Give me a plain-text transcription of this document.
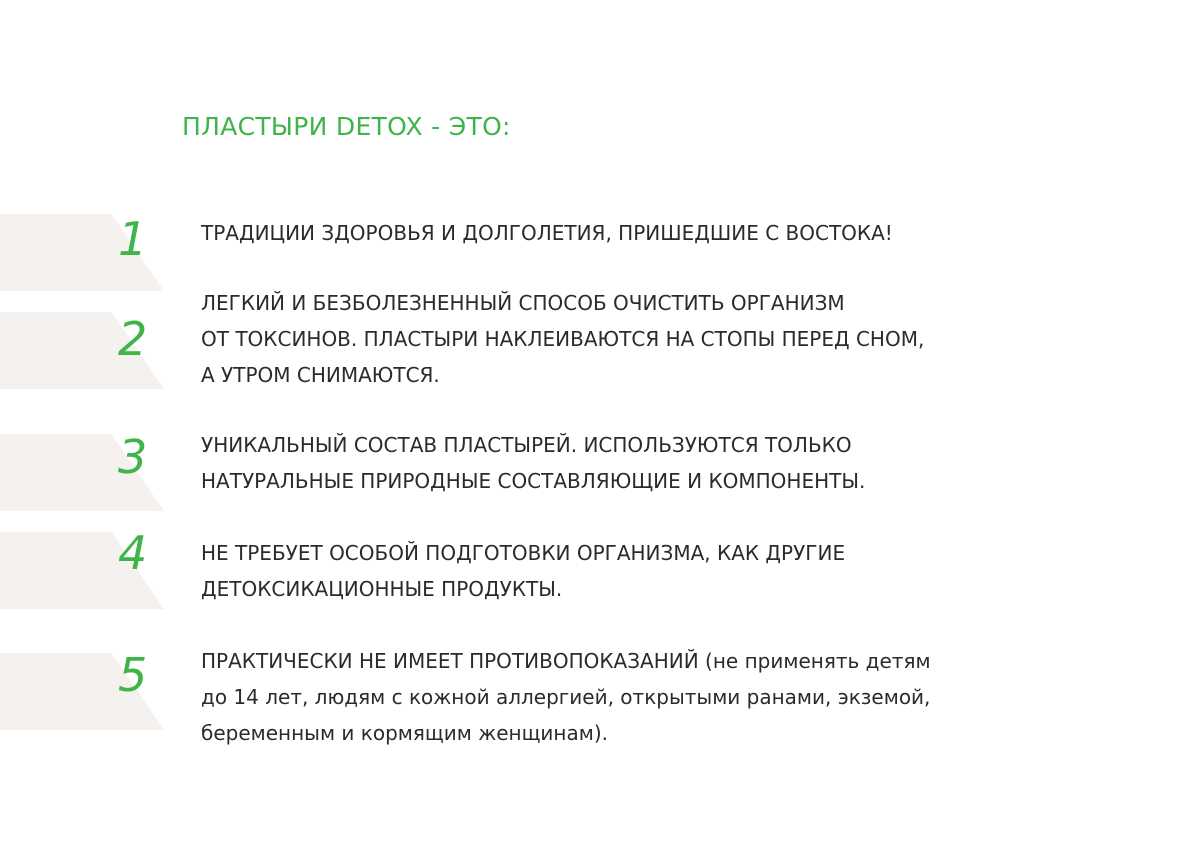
ПЛАСТЫРИ DETOX - ЭТО:
1	ТРАДИЦИИ ЗДОРОВЬЯ И ДОЛГОЛЕТИЯ, ПРИШЕДШИЕ С ВОСТОКА!
2
ЛЕГКИЙ И БЕЗБОЛЕЗНЕННЫЙ СПОСОБ ОЧИСТИТЬ ОРГАНИЗМ
ОТ ТОКСИНОВ. ПЛАСТЫРИ НАКЛЕИВАЮТСЯ НА СТОПЫ ПЕРЕД СНОМ,
А УТРОМ СНИМАЮТСЯ.
3	УНИКАЛЬНЫЙ СОСТАВ ПЛАСТЫРЕЙ. ИСПОЛЬЗУЮТСЯ ТОЛЬКО
НАТУРАЛЬНЫЕ ПРИРОДНЫЕ СОСТАВЛЯЮЩИЕ И КОМПОНЕНТЫ.
4	НЕ ТРЕБУЕТ ОСОБОЙ ПОДГОТОВКИ ОРГАНИЗМА, КАК ДРУГИЕ
ДЕТОКСИКАЦИОННЫЕ ПРОДУКТЫ.
5	ПРАКТИЧЕСКИ НЕ ИМЕЕТ ПРОТИВОПОКАЗАНИЙ (не применять детям
до 14 лет, людям с кожной аллергией, открытыми ранами, экземой,
беременным и кормящим женщинам).
